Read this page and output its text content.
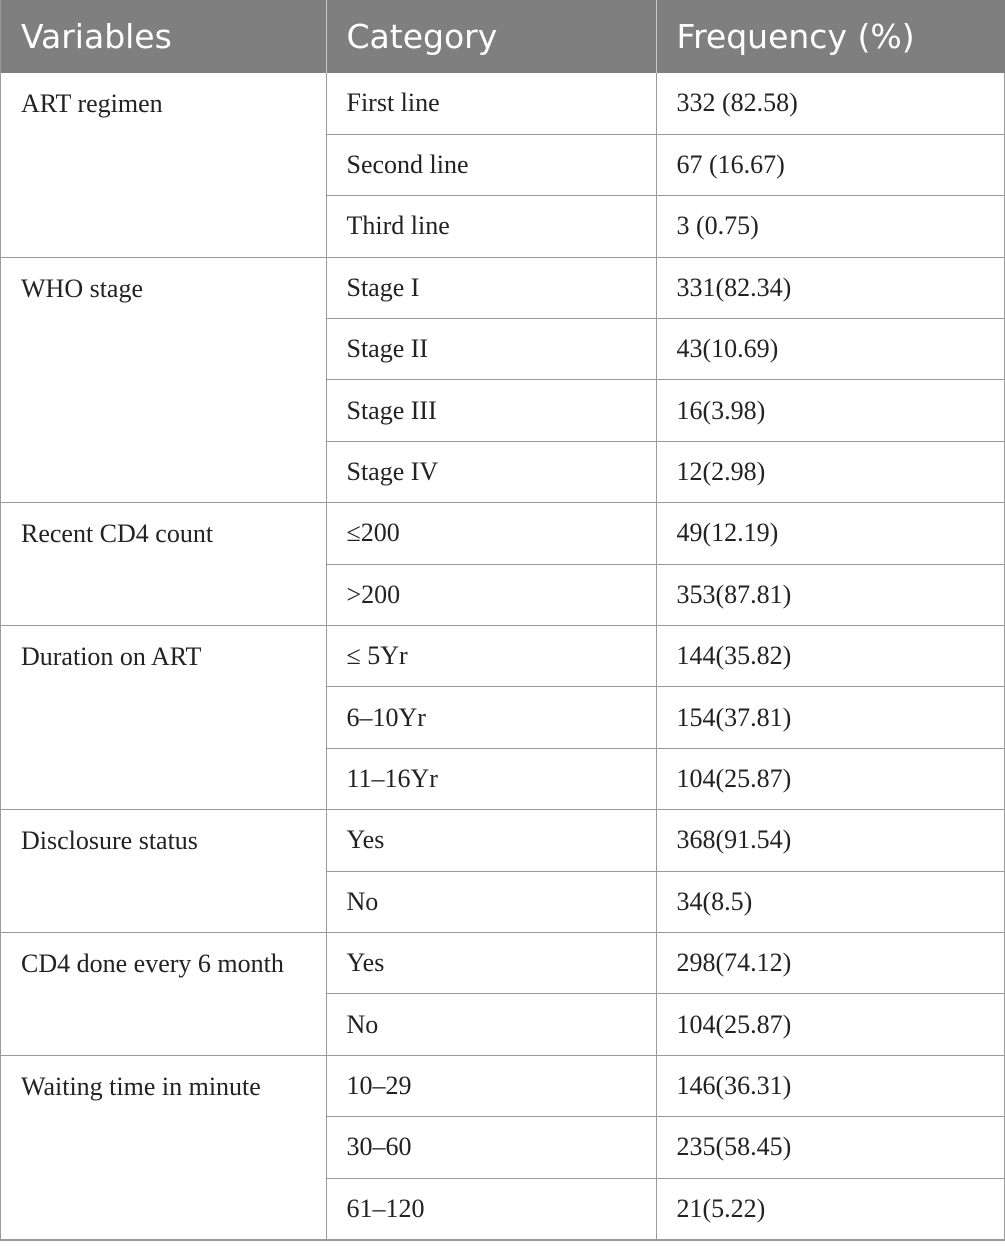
Variables	Category	Frequency (%)
ART regimen	First line	332 (82.58)
	Second line	67 (16.67)
	Third line	3 (0.75)
WHO stage	Stage I	331(82.34)
	Stage II	43(10.69)
	Stage III	16(3.98)
	Stage IV	12(2.98)
Recent CD4 count	≤200	49(12.19)
	>200	353(87.81)
Duration on ART	≤ 5Yr	144(35.82)
	6–10Yr	154(37.81)
	11–16Yr	104(25.87)
Disclosure status	Yes	368(91.54)
	No	34(8.5)
CD4 done every 6 month	Yes	298(74.12)
	No	104(25.87)
Waiting time in minute	10–29	146(36.31)
	30–60	235(58.45)
	61–120	21(5.22)
